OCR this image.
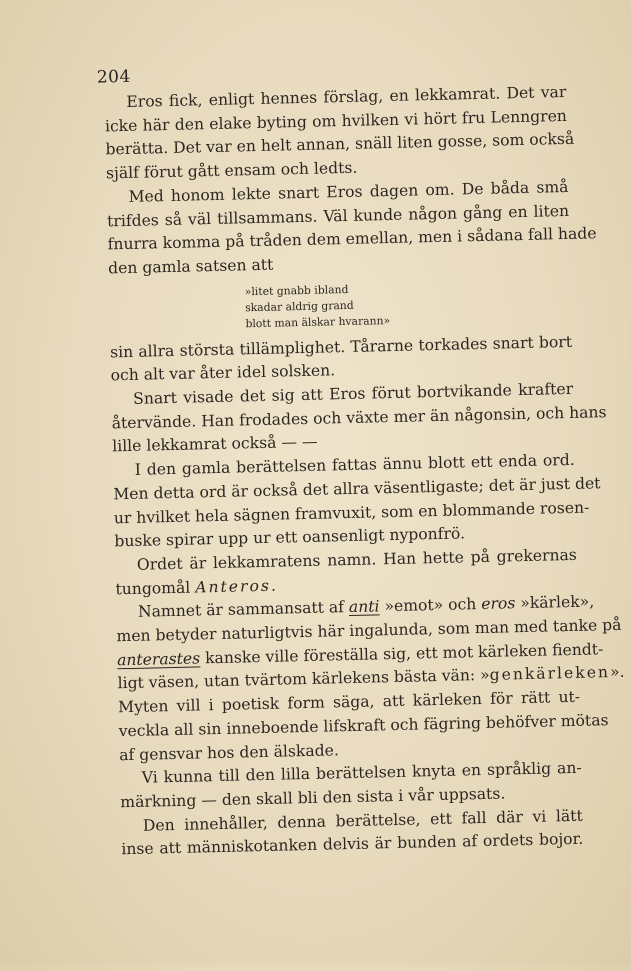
204
Eros fick, enligt hennes förslag, en lekkamrat. Det var
icke här den elake byting om hvilken vi hört fru Lenngren
berätta. Det var en helt annan, snäll liten gosse, som också
själf förut gått ensam och ledts.
Med honom lekte snart Eros dagen om. De båda små
trifdes så väl tillsammans. Väl kunde någon gång en liten
fnurra komma på tråden dem emellan, men i sådana fall hade
den gamla satsen att
»litet gnabb ibland
skadar aldrig grand
blott man älskar hvarann»
sin allra största tillämplighet. Tårarne torkades snart bort
och alt var åter idel solsken.
Snart visade det sig att Eros förut bortvikande krafter
återvände. Han frodades och växte mer än någonsin, och hans
lille lekkamrat också — —
I den gamla berättelsen fattas ännu blott ett enda ord.
Men detta ord är också det allra väsentligaste; det är just det
ur hvilket hela sägnen framvuxit, som en blommande rosen-
buske spirar upp ur ett oansenligt nyponfrö.
Ordet är lekkamratens namn. Han hette på grekernas
tungomål Anteros.
Namnet är sammansatt af anti »emot» och eros »kärlek»,
men betyder naturligtvis här ingalunda, som man med tanke på
anterastes kanske ville föreställa sig, ett mot kärleken fiendt-
ligt väsen, utan tvärtom kärlekens bästa vän: »genkärleken».
Myten vill i poetisk form säga, att kärleken för rätt ut-
veckla all sin inneboende lifskraft och fägring behöfver mötas
af gensvar hos den älskade.
Vi kunna till den lilla berättelsen knyta en språklig an-
märkning — den skall bli den sista i vår uppsats.
Den innehåller, denna berättelse, ett fall där vi lätt
inse att människotanken delvis är bunden af ordets bojor.
